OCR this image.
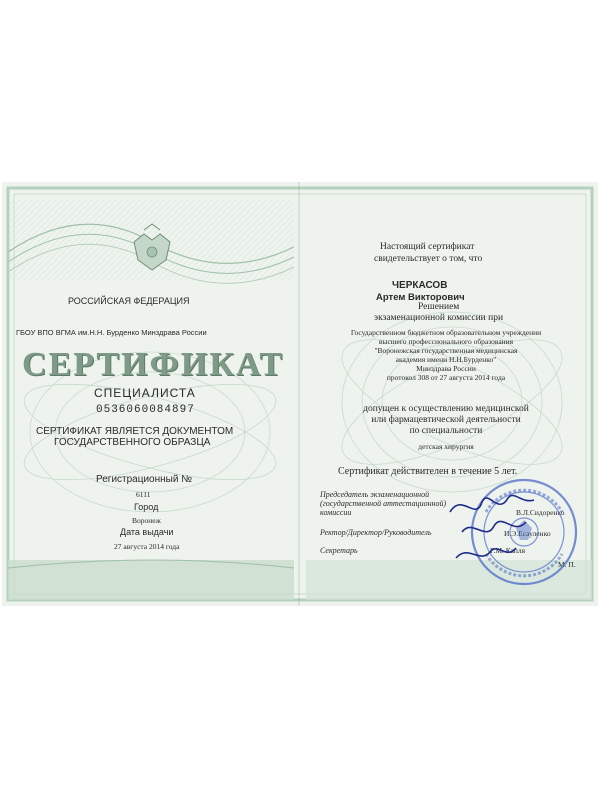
РОССИЙСКАЯ ФЕДЕРАЦИЯ
ГБОУ ВПО ВГМА им.Н.Н. Бурденко Минздрава России
СЕРТИФИКАТ
СПЕЦИАЛИСТА
0536060084897
СЕРТИФИКАТ ЯВЛЯЕТСЯ ДОКУМЕНТОМ
ГОСУДАРСТВЕННОГО ОБРАЗЦА
Регистрационный №
6111
Город
Воронеж
Дата выдачи
27 августа 2014 года
Настоящий сертификат
свидетельствует о том, что
ЧЕРКАСОВ
Артем Викторович
Решением
экзаменационной комиссии при
Государственном бюджетном образовательном учреждении
высшего профессионального образования
"Воронежская государственная медицинская
академия имени Н.Н.Бурденко"
Минздрава России
протокол 308 от 27 августа 2014 года
допущен к осуществлению медицинской
или фармацевтической деятельности
по специальности
детская хирургия
Сертификат действителен в течение 5 лет.
Председатель экзаменационной
(государственной аттестационной)
комиссии	В.Л.Сидоренко
Ректор/Директор/Руководитель	И.Э.Есауленко
Секретарь	Г.М. Капля
М. П.
